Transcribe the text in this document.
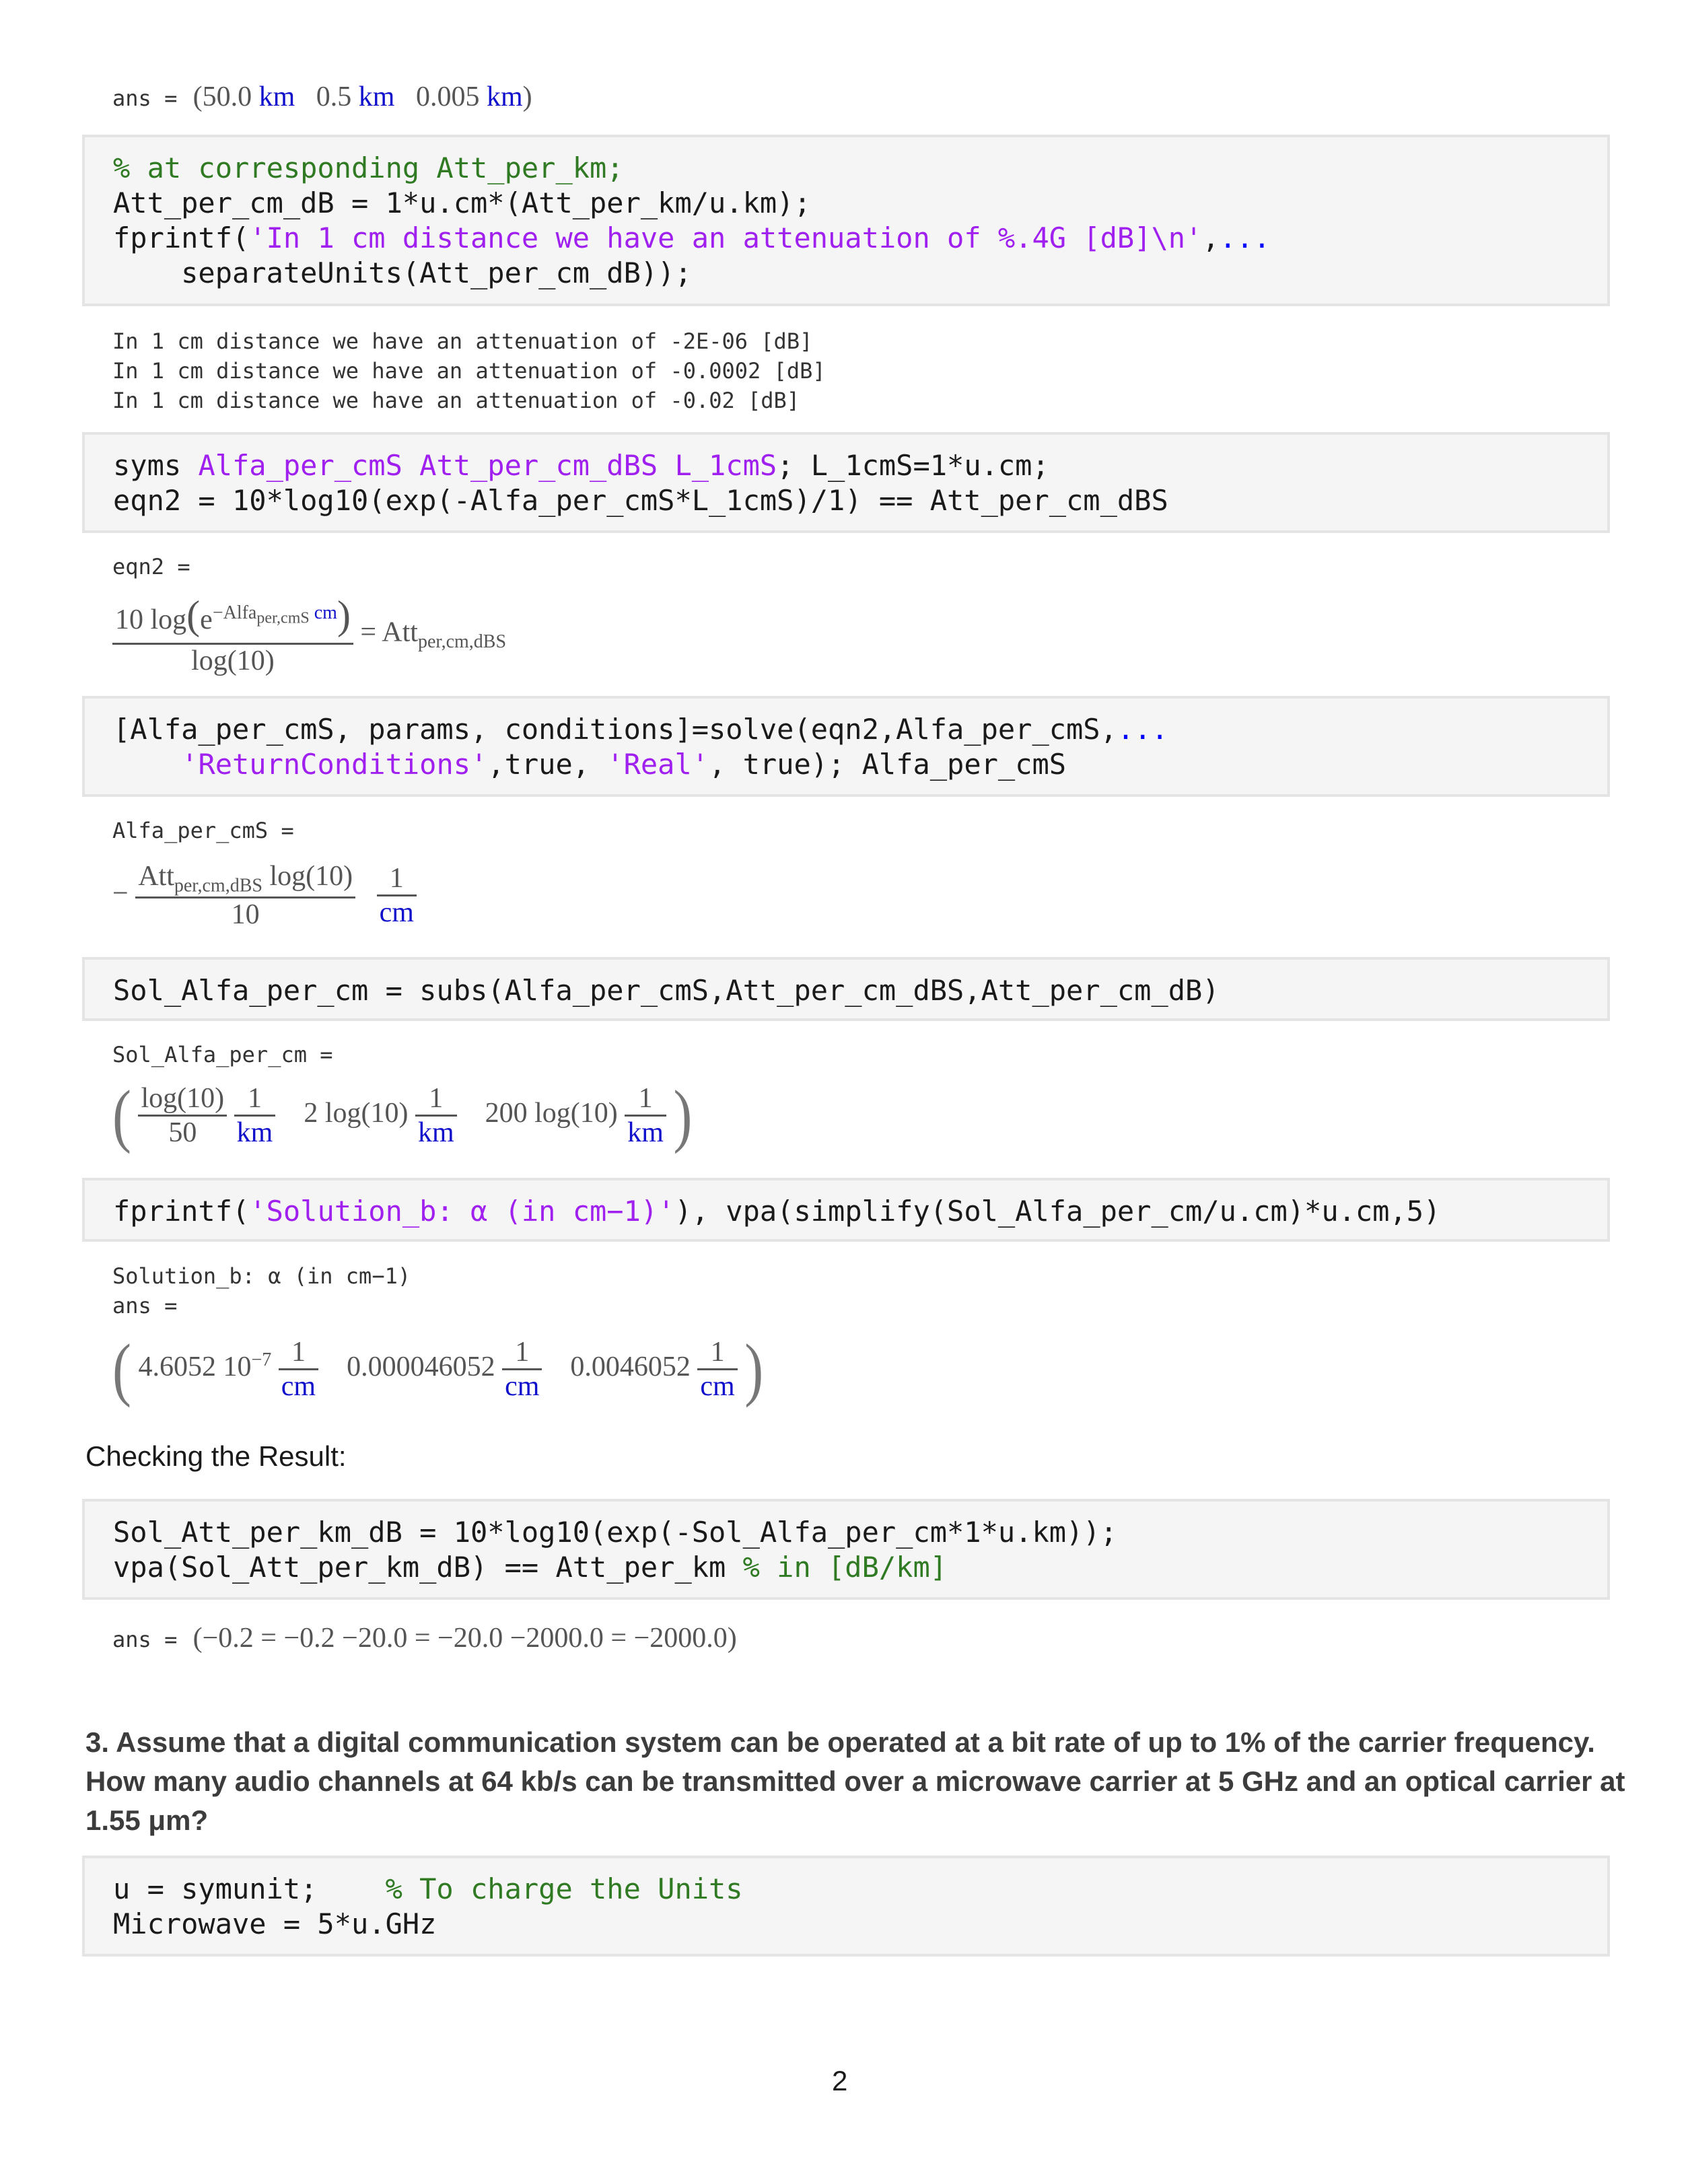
ans =  (50.0 km 0.5 km 0.005 km)
% at corresponding Att_per_km;
Att_per_cm_dB = 1*u.cm*(Att_per_km/u.km);
fprintf('In 1 cm distance we have an attenuation of %.4G [dB]\n',...
separateUnits(Att_per_cm_dB));
In 1 cm distance we have an attenuation of -2E-06 [dB]
In 1 cm distance we have an attenuation of -0.0002 [dB]
In 1 cm distance we have an attenuation of -0.02 [dB]
syms Alfa_per_cmS Att_per_cm_dBS L_1cmS; L_1cmS=1*u.cm;
eqn2 = 10*log10(exp(-Alfa_per_cmS*L_1cmS)/1) == Att_per_cm_dBS
eqn2 =
$\frac{10 \log(e^{-Alfa_{per,cmS} cm})}{\log(10)} = Att_{per,cm,dBS}$
[Alfa_per_cmS, params, conditions]=solve(eqn2,Alfa_per_cmS,...
'ReturnConditions',true, 'Real', true); Alfa_per_cmS
Alfa_per_cmS =
− $\frac{Att_{per,cm,dBS} \log(10)}{10}$
$\frac{1}{cm}$
Sol_Alfa_per_cm = subs(Alfa_per_cmS,Att_per_cm_dBS,Att_per_cm_dB)
Sol_Alfa_per_cm =
( $\frac{\log(10)}{50}$
$\frac{1}{km} 2$ $\log(10) \frac{1}{km} 200$ $\log(10) \frac{1}{km}$ )
fprintf('Solution_b: α (in cm−1)'), vpa(simplify(Sol_Alfa_per_cm/u.cm)*u.cm,5)
Solution_b: α (in cm−1)
ans =
( 4.6052 $10^{-7} \frac{1}{cm} 0.000046052 \frac{1}{cm} 0.0046052 \frac{1}{cm}$ )
Checking the Result:
Sol_Att_per_km_dB = 10*log10(exp(-Sol_Alfa_per_cm*1*u.km));
vpa(Sol_Att_per_km_dB) == Att_per_km % in [dB/km]
ans =  (−0.2 = −0.2 −20.0 = −20.0 −2000.0 = −2000.0)
3. Assume that a digital communication system can be operated at a bit rate of up to 1% of the carrier frequency. How many audio channels at 64 kb/s can be transmitted over a microwave carrier at 5 GHz and an optical carrier at 1.55 μm?
u = symunit;    % To charge the Units
Microwave = 5*u.GHz
2
